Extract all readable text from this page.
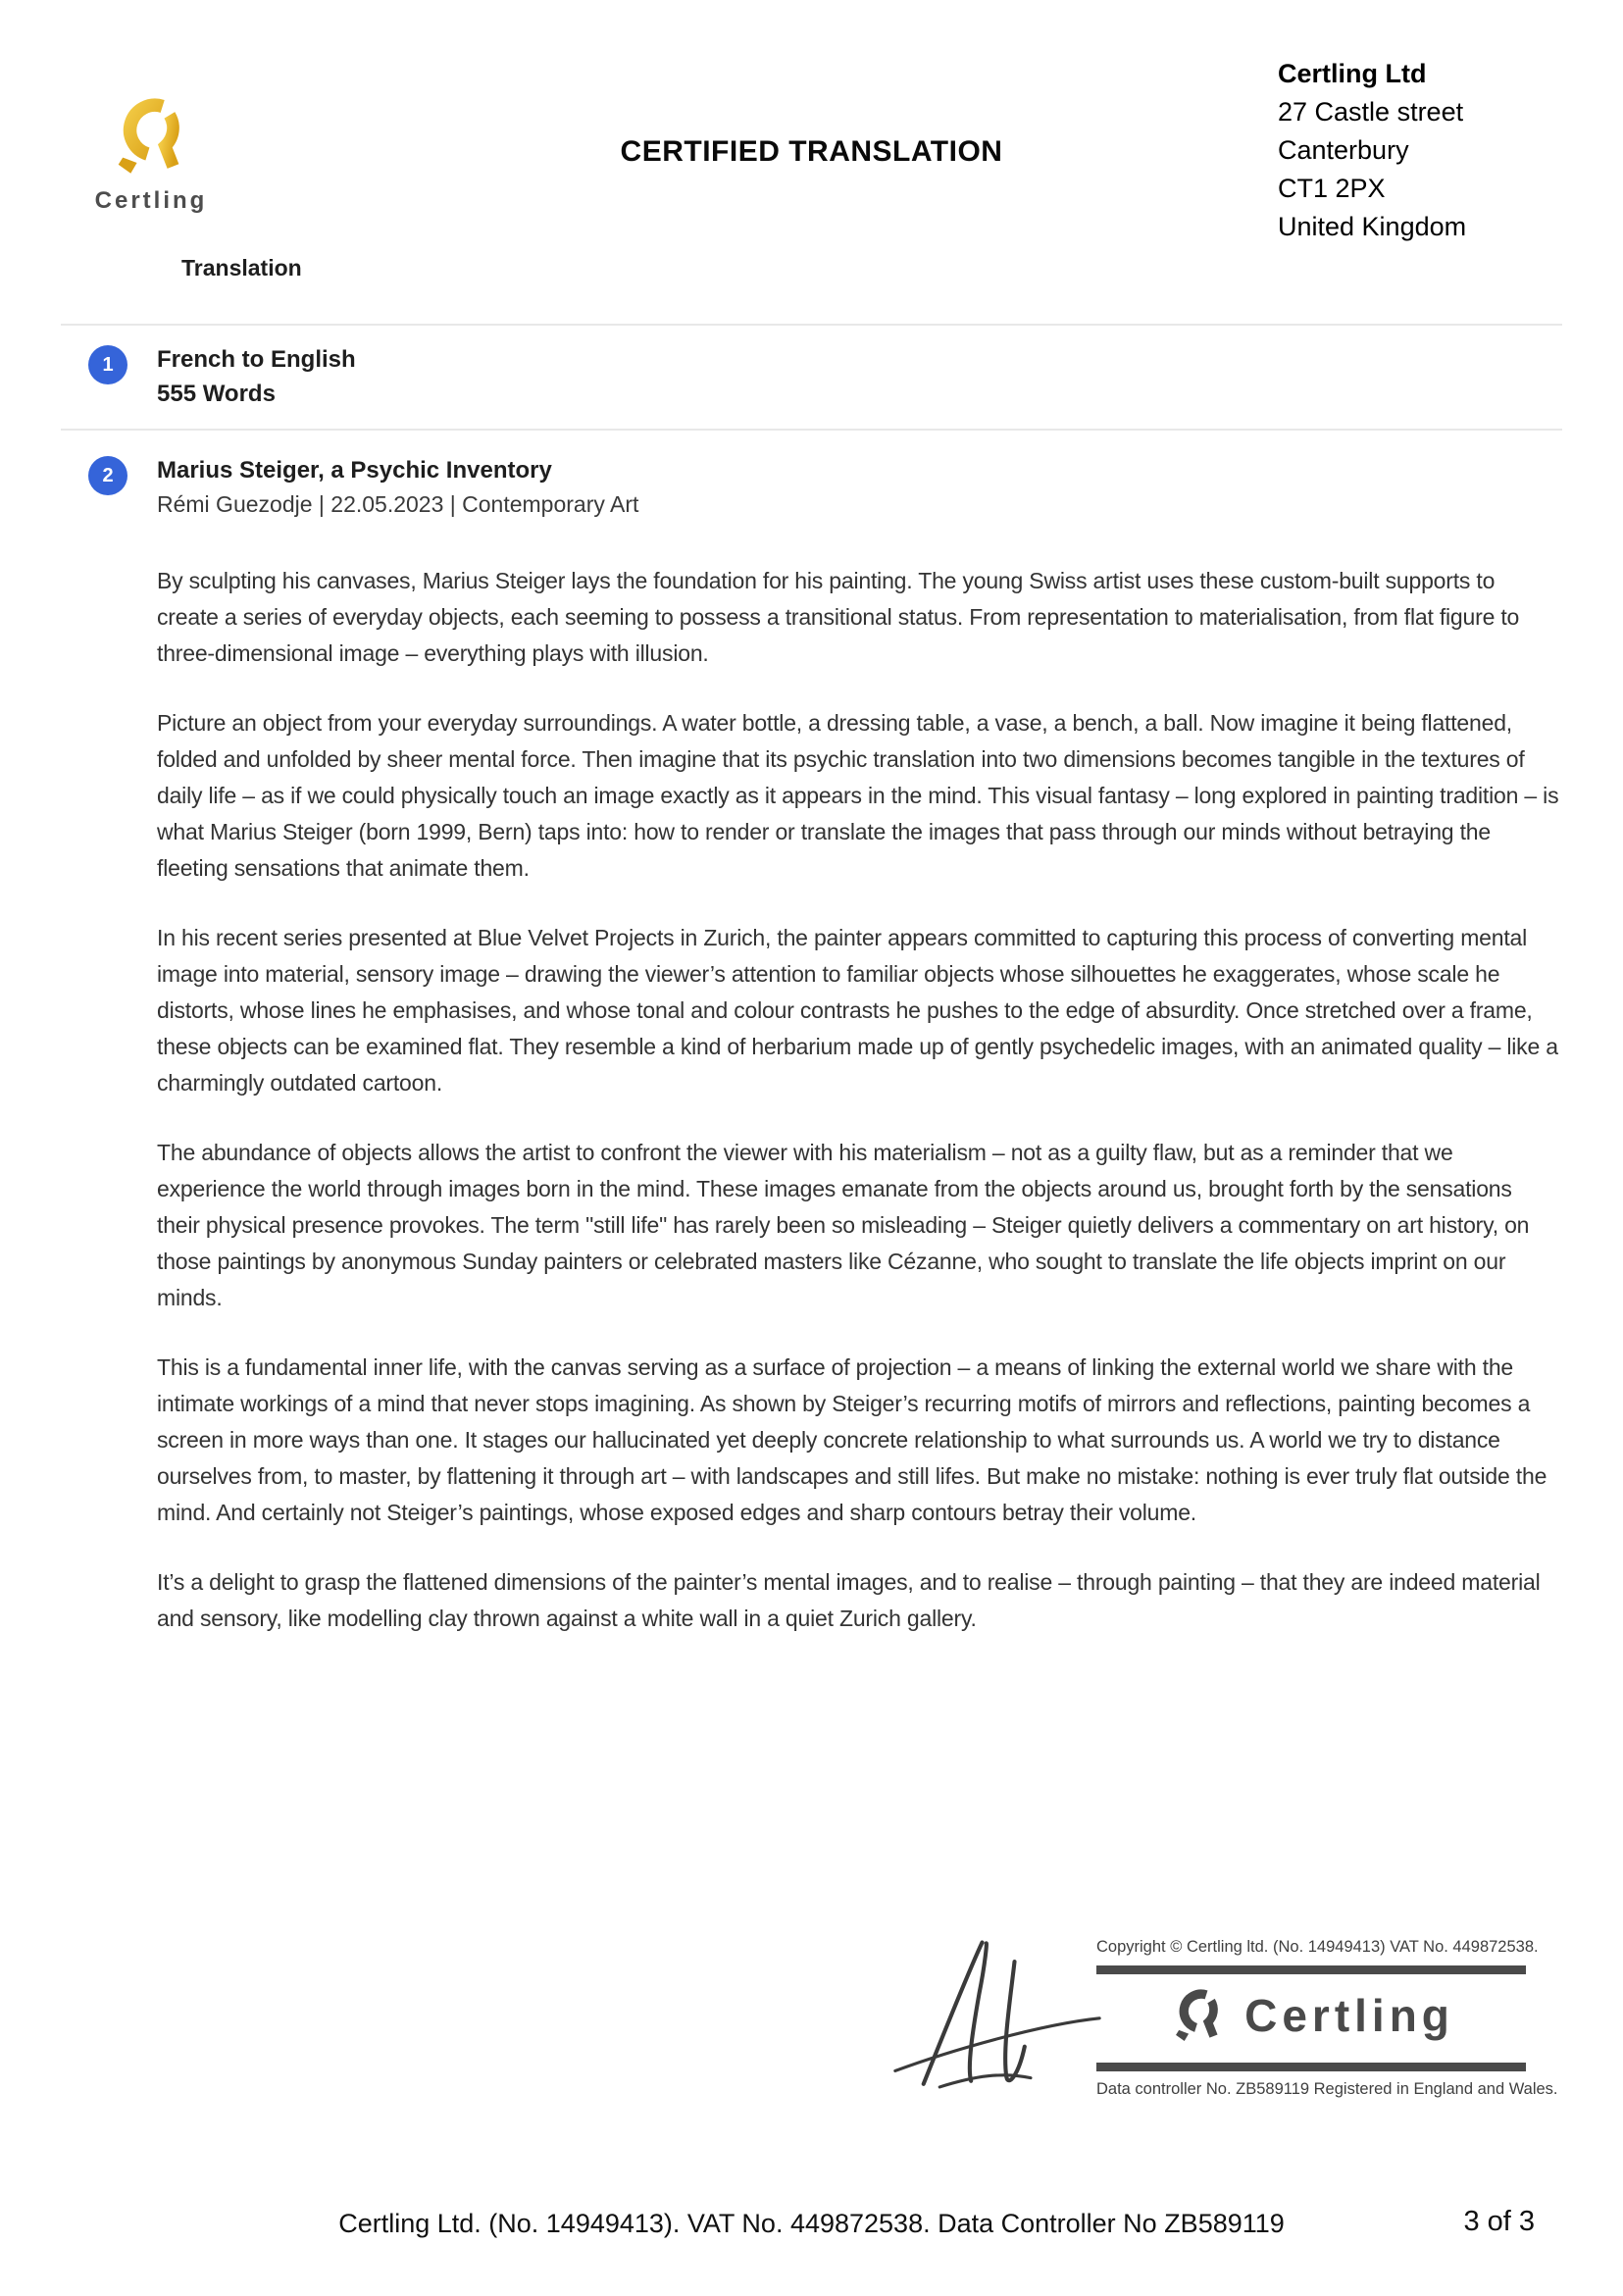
Certling
CERTIFIED TRANSLATION
Certling Ltd
27 Castle street
Canterbury
CT1 2PX
United Kingdom
Translation
1	French to English
555 Words
2	Marius Steiger, a Psychic Inventory
Rémi Guezodje | 22.05.2023 | Contemporary Art

By sculpting his canvases, Marius Steiger lays the foundation for his painting. The young Swiss artist uses these custom-built supports to create a series of everyday objects, each seeming to possess a transitional status. From representation to materialisation, from flat figure to three-dimensional image – everything plays with illusion.

Picture an object from your everyday surroundings. A water bottle, a dressing table, a vase, a bench, a ball. Now imagine it being flattened, folded and unfolded by sheer mental force. Then imagine that its psychic translation into two dimensions becomes tangible in the textures of daily life – as if we could physically touch an image exactly as it appears in the mind. This visual fantasy – long explored in painting tradition – is what Marius Steiger (born 1999, Bern) taps into: how to render or translate the images that pass through our minds without betraying the fleeting sensations that animate them.

In his recent series presented at Blue Velvet Projects in Zurich, the painter appears committed to capturing this process of converting mental image into material, sensory image – drawing the viewer’s attention to familiar objects whose silhouettes he exaggerates, whose scale he distorts, whose lines he emphasises, and whose tonal and colour contrasts he pushes to the edge of absurdity. Once stretched over a frame, these objects can be examined flat. They resemble a kind of herbarium made up of gently psychedelic images, with an animated quality – like a charmingly outdated cartoon.

The abundance of objects allows the artist to confront the viewer with his materialism – not as a guilty flaw, but as a reminder that we experience the world through images born in the mind. These images emanate from the objects around us, brought forth by the sensations their physical presence provokes. The term "still life" has rarely been so misleading – Steiger quietly delivers a commentary on art history, on those paintings by anonymous Sunday painters or celebrated masters like Cézanne, who sought to translate the life objects imprint on our minds.

This is a fundamental inner life, with the canvas serving as a surface of projection – a means of linking the external world we share with the intimate workings of a mind that never stops imagining. As shown by Steiger’s recurring motifs of mirrors and reflections, painting becomes a screen in more ways than one. It stages our hallucinated yet deeply concrete relationship to what surrounds us. A world we try to distance ourselves from, to master, by flattening it through art – with landscapes and still lifes. But make no mistake: nothing is ever truly flat outside the mind. And certainly not Steiger’s paintings, whose exposed edges and sharp contours betray their volume.

It’s a delight to grasp the flattened dimensions of the painter’s mental images, and to realise – through painting – that they are indeed material and sensory, like modelling clay thrown against a white wall in a quiet Zurich gallery.

Copyright © Certling ltd. (No. 14949413) VAT No. 449872538.
Certling
Data controller No. ZB589119 Registered in England and Wales.
Certling Ltd. (No. 14949413). VAT No. 449872538. Data Controller No ZB589119	3 of 3
